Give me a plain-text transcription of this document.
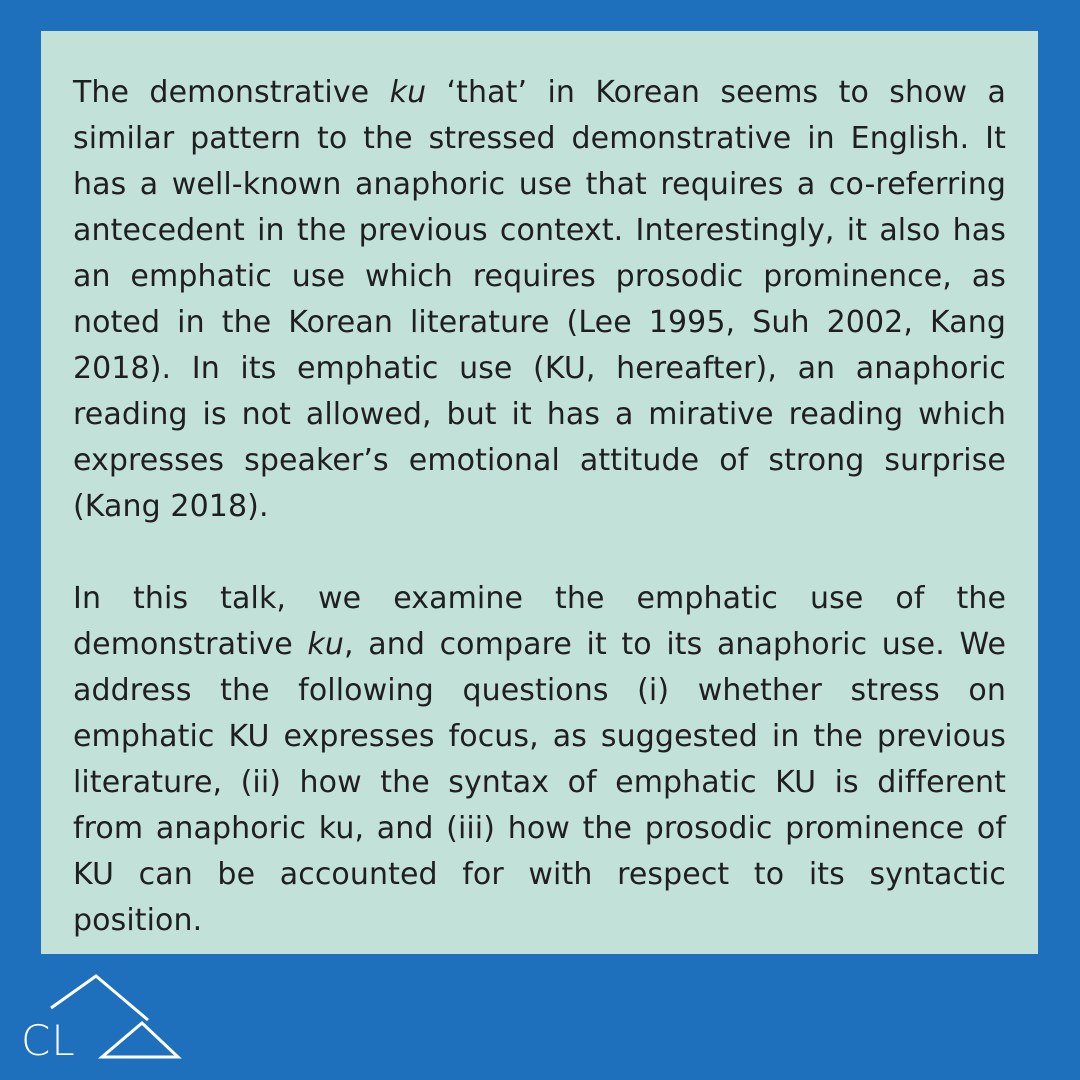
The demonstrative ku ‘that’ in Korean seems to show a similar pattern to the stressed demonstrative in English. It has a well-known anaphoric use that requires a co-referring antecedent in the previous context. Interestingly, it also has an emphatic use which requires prosodic prominence, as noted in the Korean literature (Lee 1995, Suh 2002, Kang 2018). In its emphatic use (KU, hereafter), an anaphoric reading is not allowed, but it has a mirative reading which expresses speaker’s emotional attitude of strong surprise (Kang 2018).

In this talk, we examine the emphatic use of the demonstrative ku, and compare it to its anaphoric use. We address the following questions (i) whether stress on emphatic KU expresses focus, as suggested in the previous literature, (ii) how the syntax of emphatic KU is different from anaphoric ku, and (iii) how the prosodic prominence of KU can be accounted for with respect to its syntactic position.

CL
